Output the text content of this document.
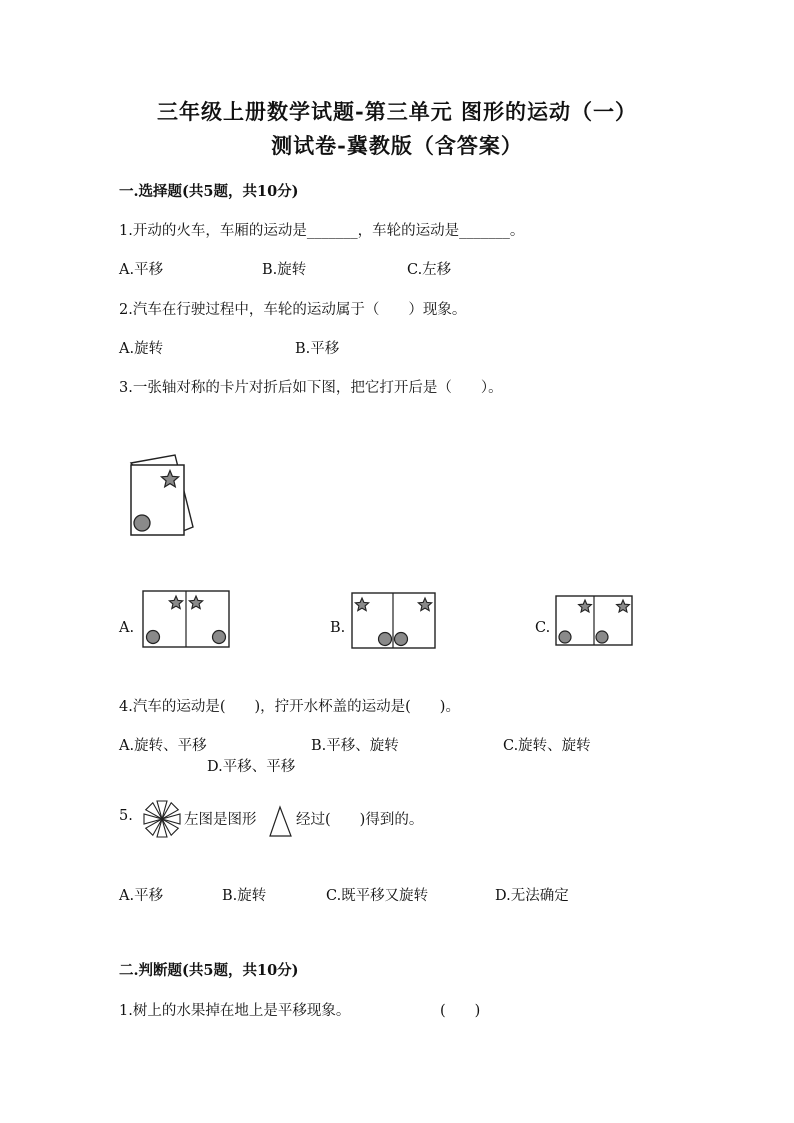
三年级上册数学试题-第三单元 图形的运动（一）
测试卷-冀教版（含答案）
一.选择题(共5题，共10分)
1.开动的火车，车厢的运动是_______，车轮的运动是_______。
A.平移	B.旋转	C.左移
2.汽车在行驶过程中，车轮的运动属于（　　）现象。
A.旋转	B.平移
3.一张轴对称的卡片对折后如下图，把它打开后是（　　）。
A.	B.	C.
4.汽车的运动是(　　)，拧开水杯盖的运动是(　　)。
A.旋转、平移	B.平移、旋转	C.旋转、旋转
D.平移、平移
5.	左图是图形	经过(　　)得到的。
A.平移	B.旋转	C.既平移又旋转	D.无法确定
二.判断题(共5题，共10分)
1.树上的水果掉在地上是平移现象。	(　　)
